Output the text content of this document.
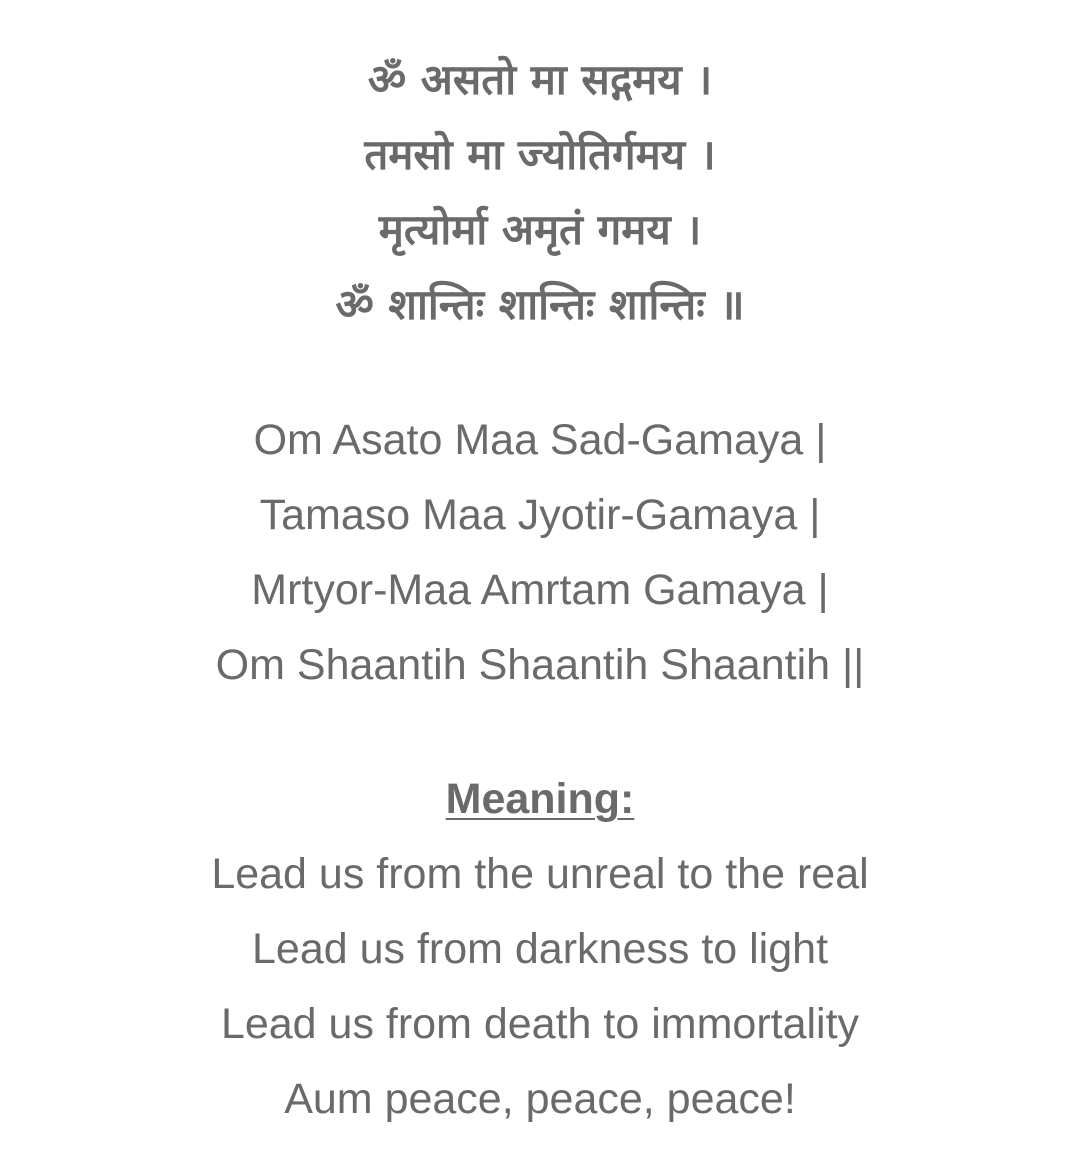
ॐ असतो मा सद्गमय ।
तमसो मा ज्योतिर्गमय ।
मृत्योर्मा अमृतं गमय ।
ॐ शान्तिः शान्तिः शान्तिः ॥
Om Asato Maa Sad-Gamaya |
Tamaso Maa Jyotir-Gamaya |
Mrtyor-Maa Amrtam Gamaya |
Om Shaantih Shaantih Shaantih ||
Meaning:
Lead us from the unreal to the real
Lead us from darkness to light
Lead us from death to immortality
Aum peace, peace, peace!
